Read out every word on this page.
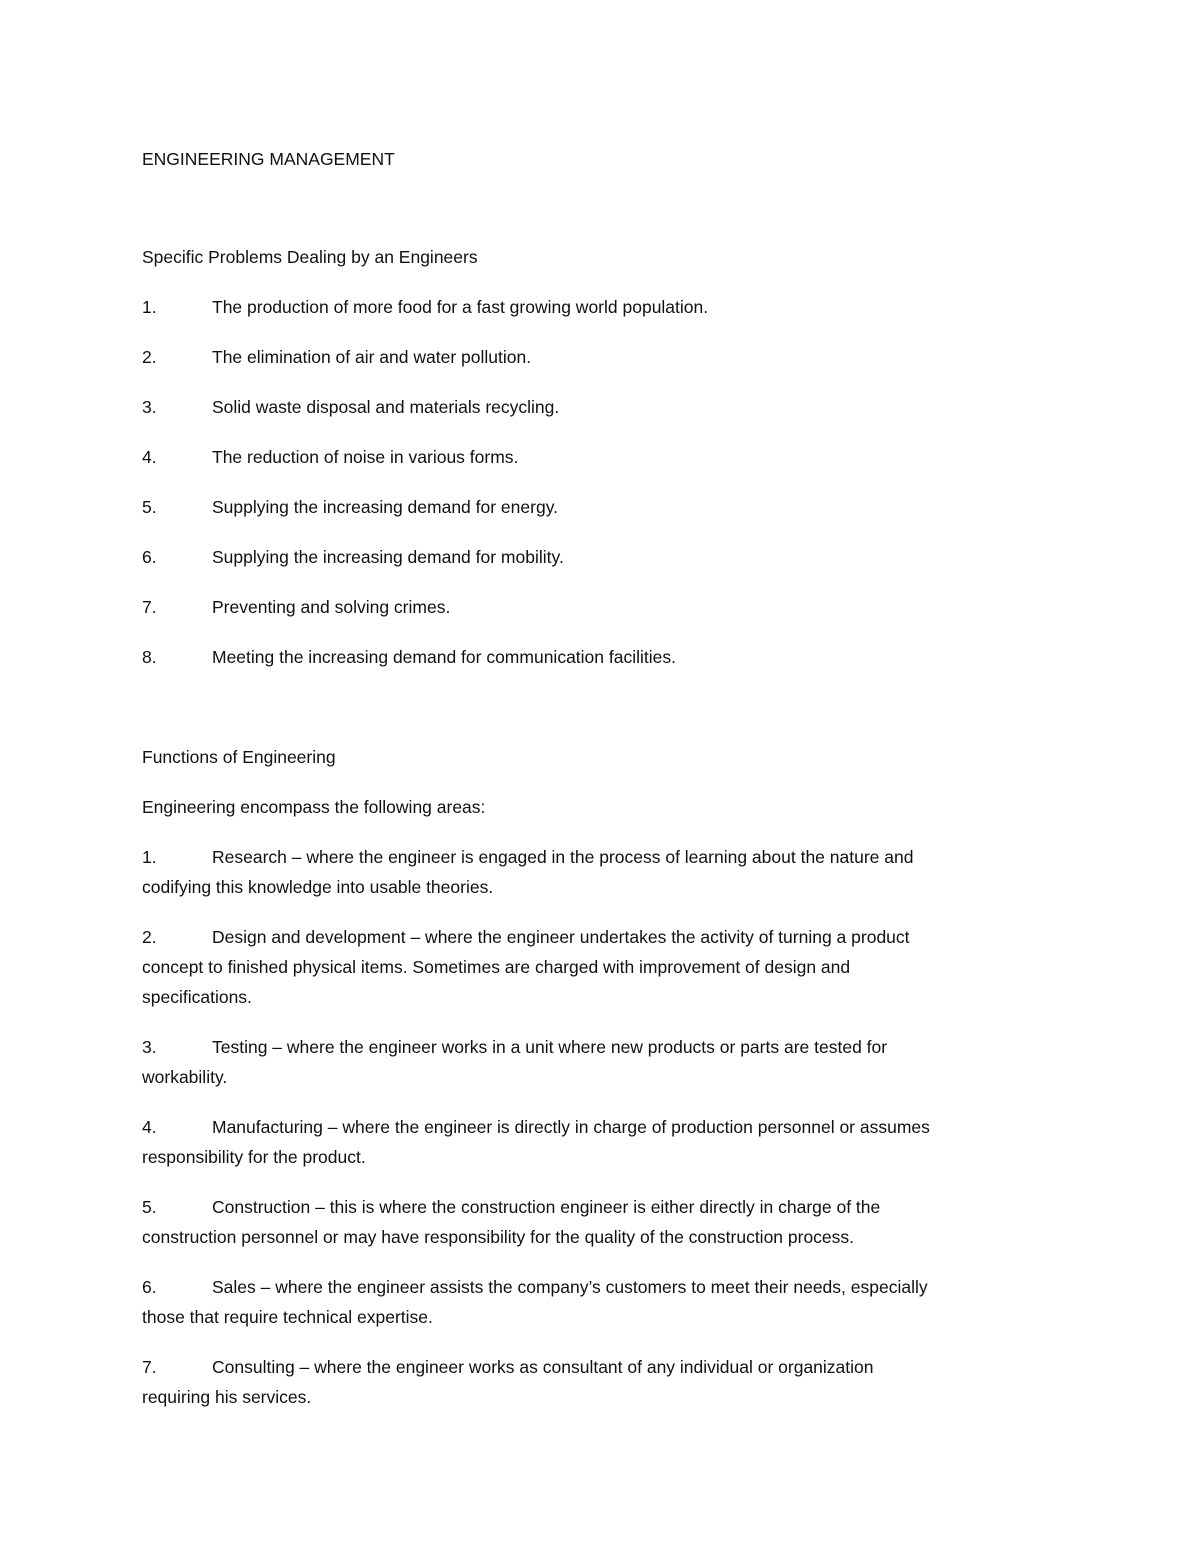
ENGINEERING MANAGEMENT

Specific Problems Dealing by an Engineers

1.	The production of more food for a fast growing world population.
2.	The elimination of air and water pollution.
3.	Solid waste disposal and materials recycling.
4.	The reduction of noise in various forms.
5.	Supplying the increasing demand for energy.
6.	Supplying the increasing demand for mobility.
7.	Preventing and solving crimes.
8.	Meeting the increasing demand for communication facilities.

Functions of Engineering

Engineering encompass the following areas:

1.	Research – where the engineer is engaged in the process of learning about the nature and
codifying this knowledge into usable theories.
2.	Design and development – where the engineer undertakes the activity of turning a product
concept to finished physical items. Sometimes are charged with improvement of design and
specifications.
3.	Testing – where the engineer works in a unit where new products or parts are tested for
workability.
4.	Manufacturing – where the engineer is directly in charge of production personnel or assumes
responsibility for the product.
5.	Construction – this is where the construction engineer is either directly in charge of the
construction personnel or may have responsibility for the quality of the construction process.
6.	Sales – where the engineer assists the company’s customers to meet their needs, especially
those that require technical expertise.
7.	Consulting – where the engineer works as consultant of any individual or organization
requiring his services.
